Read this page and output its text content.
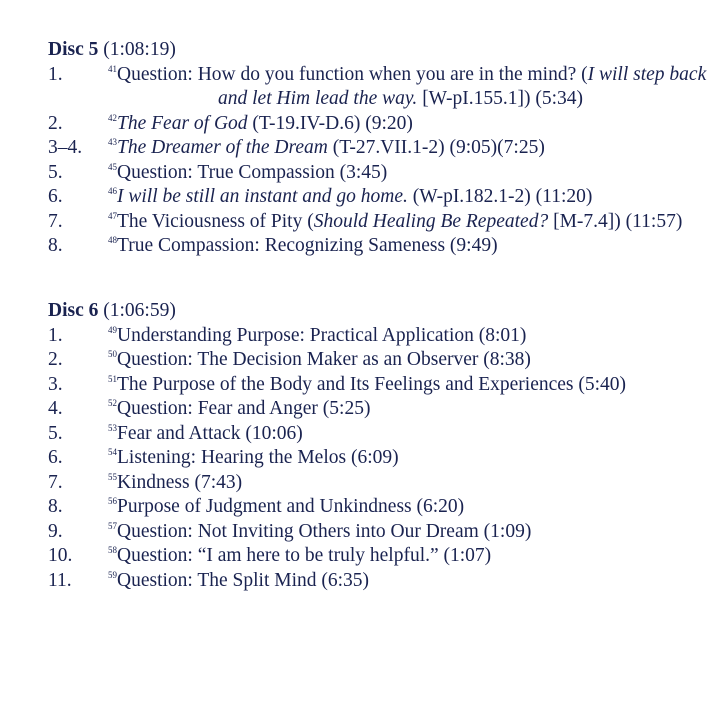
Disc 5 (1:08:19)
1.	$^{41}$Question: How do you function when you are in the mind? (I will step back and let Him lead the way. [W-pI.155.1]) (5:34)
2.	$^{42}$The Fear of God (T-19.IV-D.6) (9:20)
3–4.	$^{43}$The Dreamer of the Dream (T-27.VII.1-2) (9:05)(7:25)
5.	$^{45}$Question: True Compassion (3:45)
6.	$^{46}$I will be still an instant and go home. (W-pI.182.1-2) (11:20)
7.	$^{47}$The Viciousness of Pity (Should Healing Be Repeated? [M-7.4]) (11:57)
8.	$^{48}$True Compassion: Recognizing Sameness (9:49)
Disc 6 (1:06:59)
1.	$^{49}$Understanding Purpose: Practical Application (8:01)
2.	$^{50}$Question: The Decision Maker as an Observer (8:38)
3.	$^{51}$The Purpose of the Body and Its Feelings and Experiences (5:40)
4.	$^{52}$Question: Fear and Anger (5:25)
5.	$^{53}$Fear and Attack (10:06)
6.	$^{54}$Listening: Hearing the Melos (6:09)
7.	$^{55}$Kindness (7:43)
8.	$^{56}$Purpose of Judgment and Unkindness (6:20)
9.	$^{57}$Question: Not Inviting Others into Our Dream (1:09)
10.	$^{58}$Question: “I am here to be truly helpful.” (1:07)
11.	$^{59}$Question: The Split Mind (6:35)
